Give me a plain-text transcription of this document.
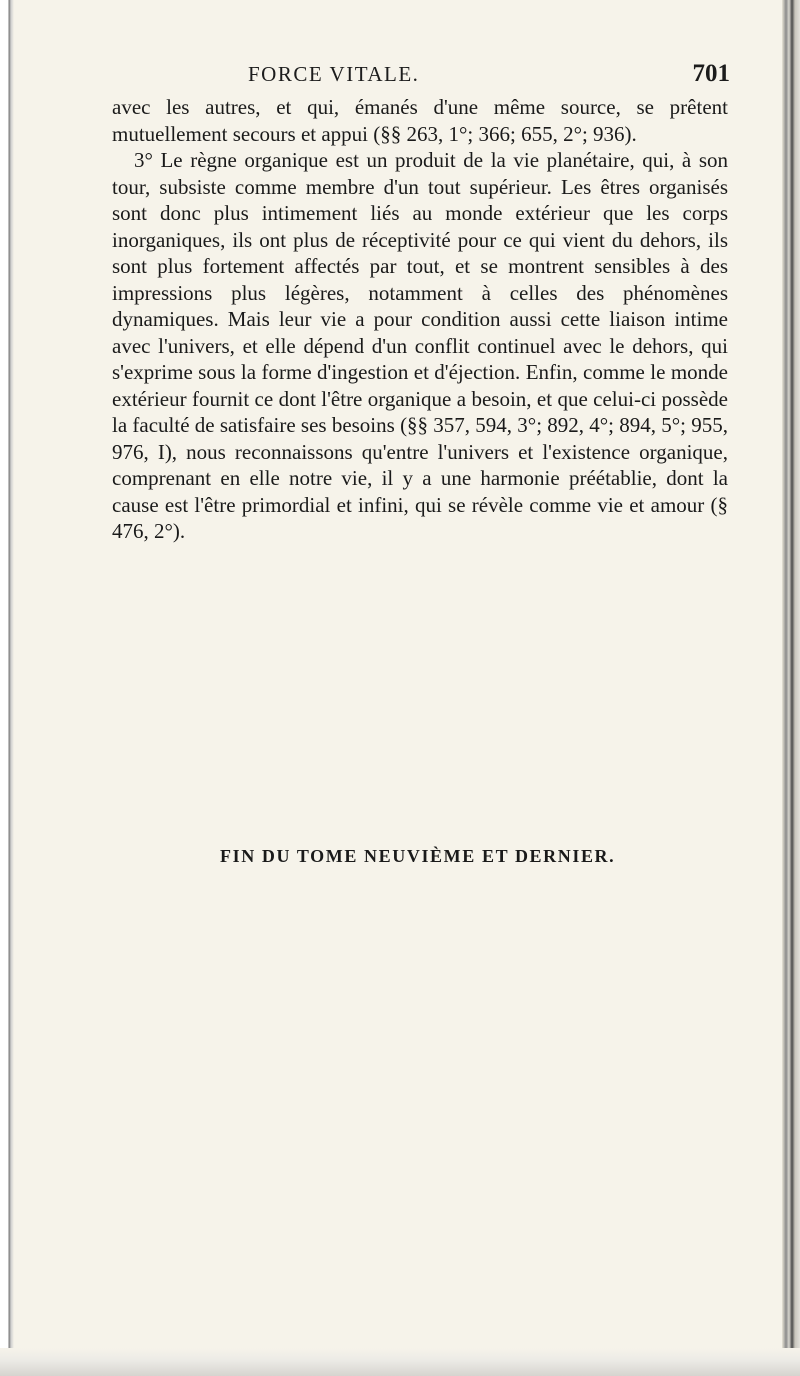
FORCE VITALE.	701

avec les autres, et qui, émanés d'une même source, se prêtent mutuellement secours et appui (§§ 263, 1°; 366; 655, 2°; 936).

3° Le règne organique est un produit de la vie planétaire, qui, à son tour, subsiste comme membre d'un tout supérieur. Les êtres organisés sont donc plus intimement liés au monde extérieur que les corps inorganiques, ils ont plus de réceptivité pour ce qui vient du dehors, ils sont plus fortement affectés par tout, et se montrent sensibles à des impressions plus légères, notamment à celles des phénomènes dynamiques. Mais leur vie a pour condition aussi cette liaison intime avec l'univers, et elle dépend d'un conflit continuel avec le dehors, qui s'exprime sous la forme d'ingestion et d'éjection. Enfin, comme le monde extérieur fournit ce dont l'être organique a besoin, et que celui-ci possède la faculté de satisfaire ses besoins (§§ 357, 594, 3°; 892, 4°; 894, 5°; 955, 976, I), nous reconnaissons qu'entre l'univers et l'existence organique, comprenant en elle notre vie, il y a une harmonie préétablie, dont la cause est l'être primordial et infini, qui se révèle comme vie et amour (§ 476, 2°).

FIN DU TOME NEUVIÈME ET DERNIER.
